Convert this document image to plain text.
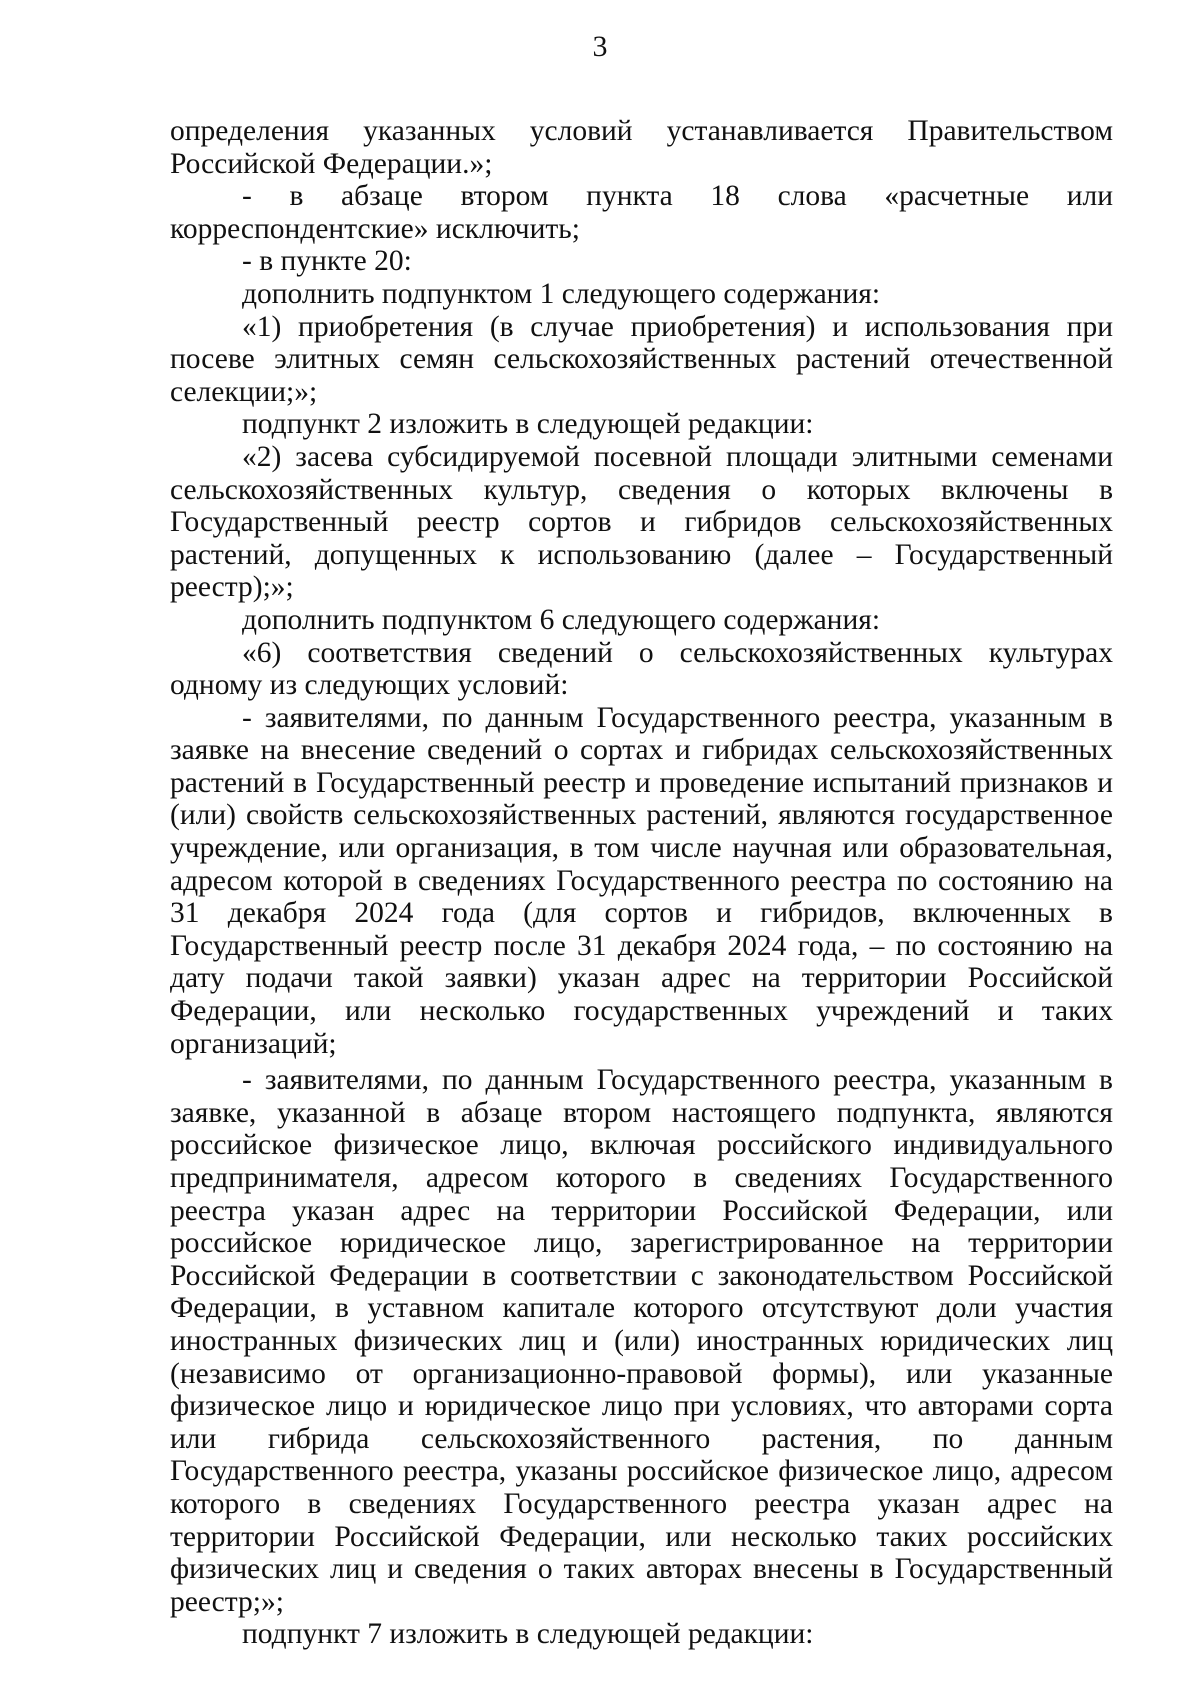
3

определения указанных условий устанавливается Правительством Российской Федерации.»;

- в абзаце втором пункта 18 слова «расчетные или корреспондентские» исключить;

- в пункте 20:

дополнить подпунктом 1 следующего содержания:

«1) приобретения (в случае приобретения) и использования при посеве элитных семян сельскохозяйственных растений отечественной селекции;»;

подпункт 2 изложить в следующей редакции:

«2) засева субсидируемой посевной площади элитными семенами сельскохозяйственных культур, сведения о которых включены в Государственный реестр сортов и гибридов сельскохозяйственных растений, допущенных к использованию (далее – Государственный реестр);»;

дополнить подпунктом 6 следующего содержания:

«6) соответствия сведений о сельскохозяйственных культурах одному из следующих условий:

- заявителями, по данным Государственного реестра, указанным в заявке на внесение сведений о сортах и гибридах сельскохозяйственных растений в Государственный реестр и проведение испытаний признаков и (или) свойств сельскохозяйственных растений, являются государственное учреждение, или организация, в том числе научная или образовательная, адресом которой в сведениях Государственного реестра по состоянию на 31 декабря 2024 года (для сортов и гибридов, включенных в Государственный реестр после 31 декабря 2024 года, – по состоянию на дату подачи такой заявки) указан адрес на территории Российской Федерации, или несколько государственных учреждений и таких организаций;

- заявителями, по данным Государственного реестра, указанным в заявке, указанной в абзаце втором настоящего подпункта, являются российское физическое лицо, включая российского индивидуального предпринимателя, адресом которого в сведениях Государственного реестра указан адрес на территории Российской Федерации, или российское юридическое лицо, зарегистрированное на территории Российской Федерации в соответствии с законодательством Российской Федерации, в уставном капитале которого отсутствуют доли участия иностранных физических лиц и (или) иностранных юридических лиц (независимо от организационно-правовой формы), или указанные физическое лицо и юридическое лицо при условиях, что авторами сорта или гибрида сельскохозяйственного растения, по данным Государственного реестра, указаны российское физическое лицо, адресом которого в сведениях Государственного реестра указан адрес на территории Российской Федерации, или несколько таких российских физических лиц и сведения о таких авторах внесены в Государственный реестр;»;

подпункт 7 изложить в следующей редакции:
